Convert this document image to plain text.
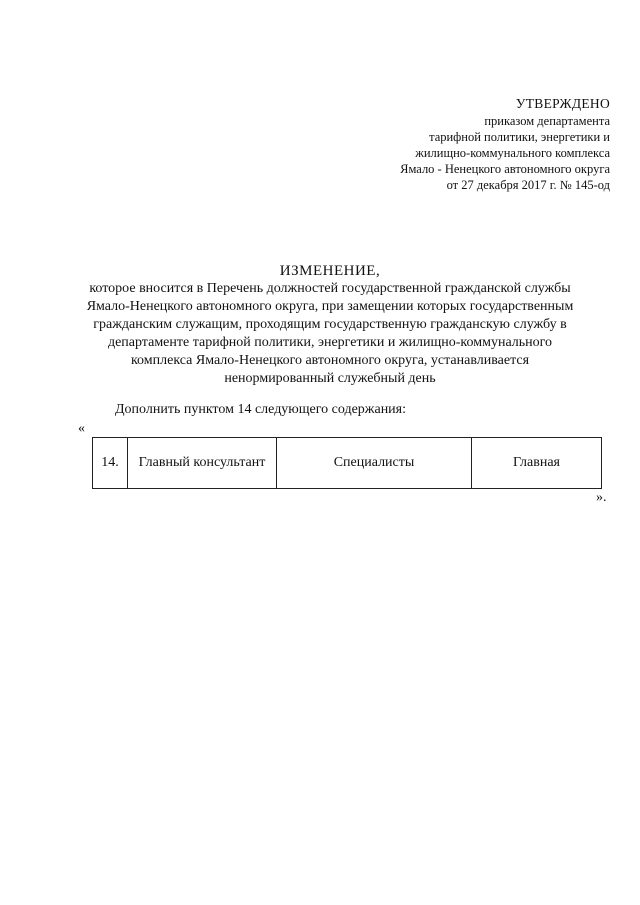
УТВЕРЖДЕНО
приказом департамента
тарифной политики, энергетики и
жилищно-коммунального комплекса
Ямало - Ненецкого автономного округа
от 27 декабря 2017 г. № 145-од
ИЗМЕНЕНИЕ,
которое вносится в Перечень должностей государственной гражданской службы
Ямало-Ненецкого автономного округа, при замещении которых государственным
гражданским служащим, проходящим государственную гражданскую службу в
департаменте тарифной политики, энергетики и жилищно-коммунального
комплекса Ямало-Ненецкого автономного округа, устанавливается
ненормированный служебный день
Дополнить пунктом 14 следующего содержания:
«
14.	Главный консультант	Специалисты	Главная
».
